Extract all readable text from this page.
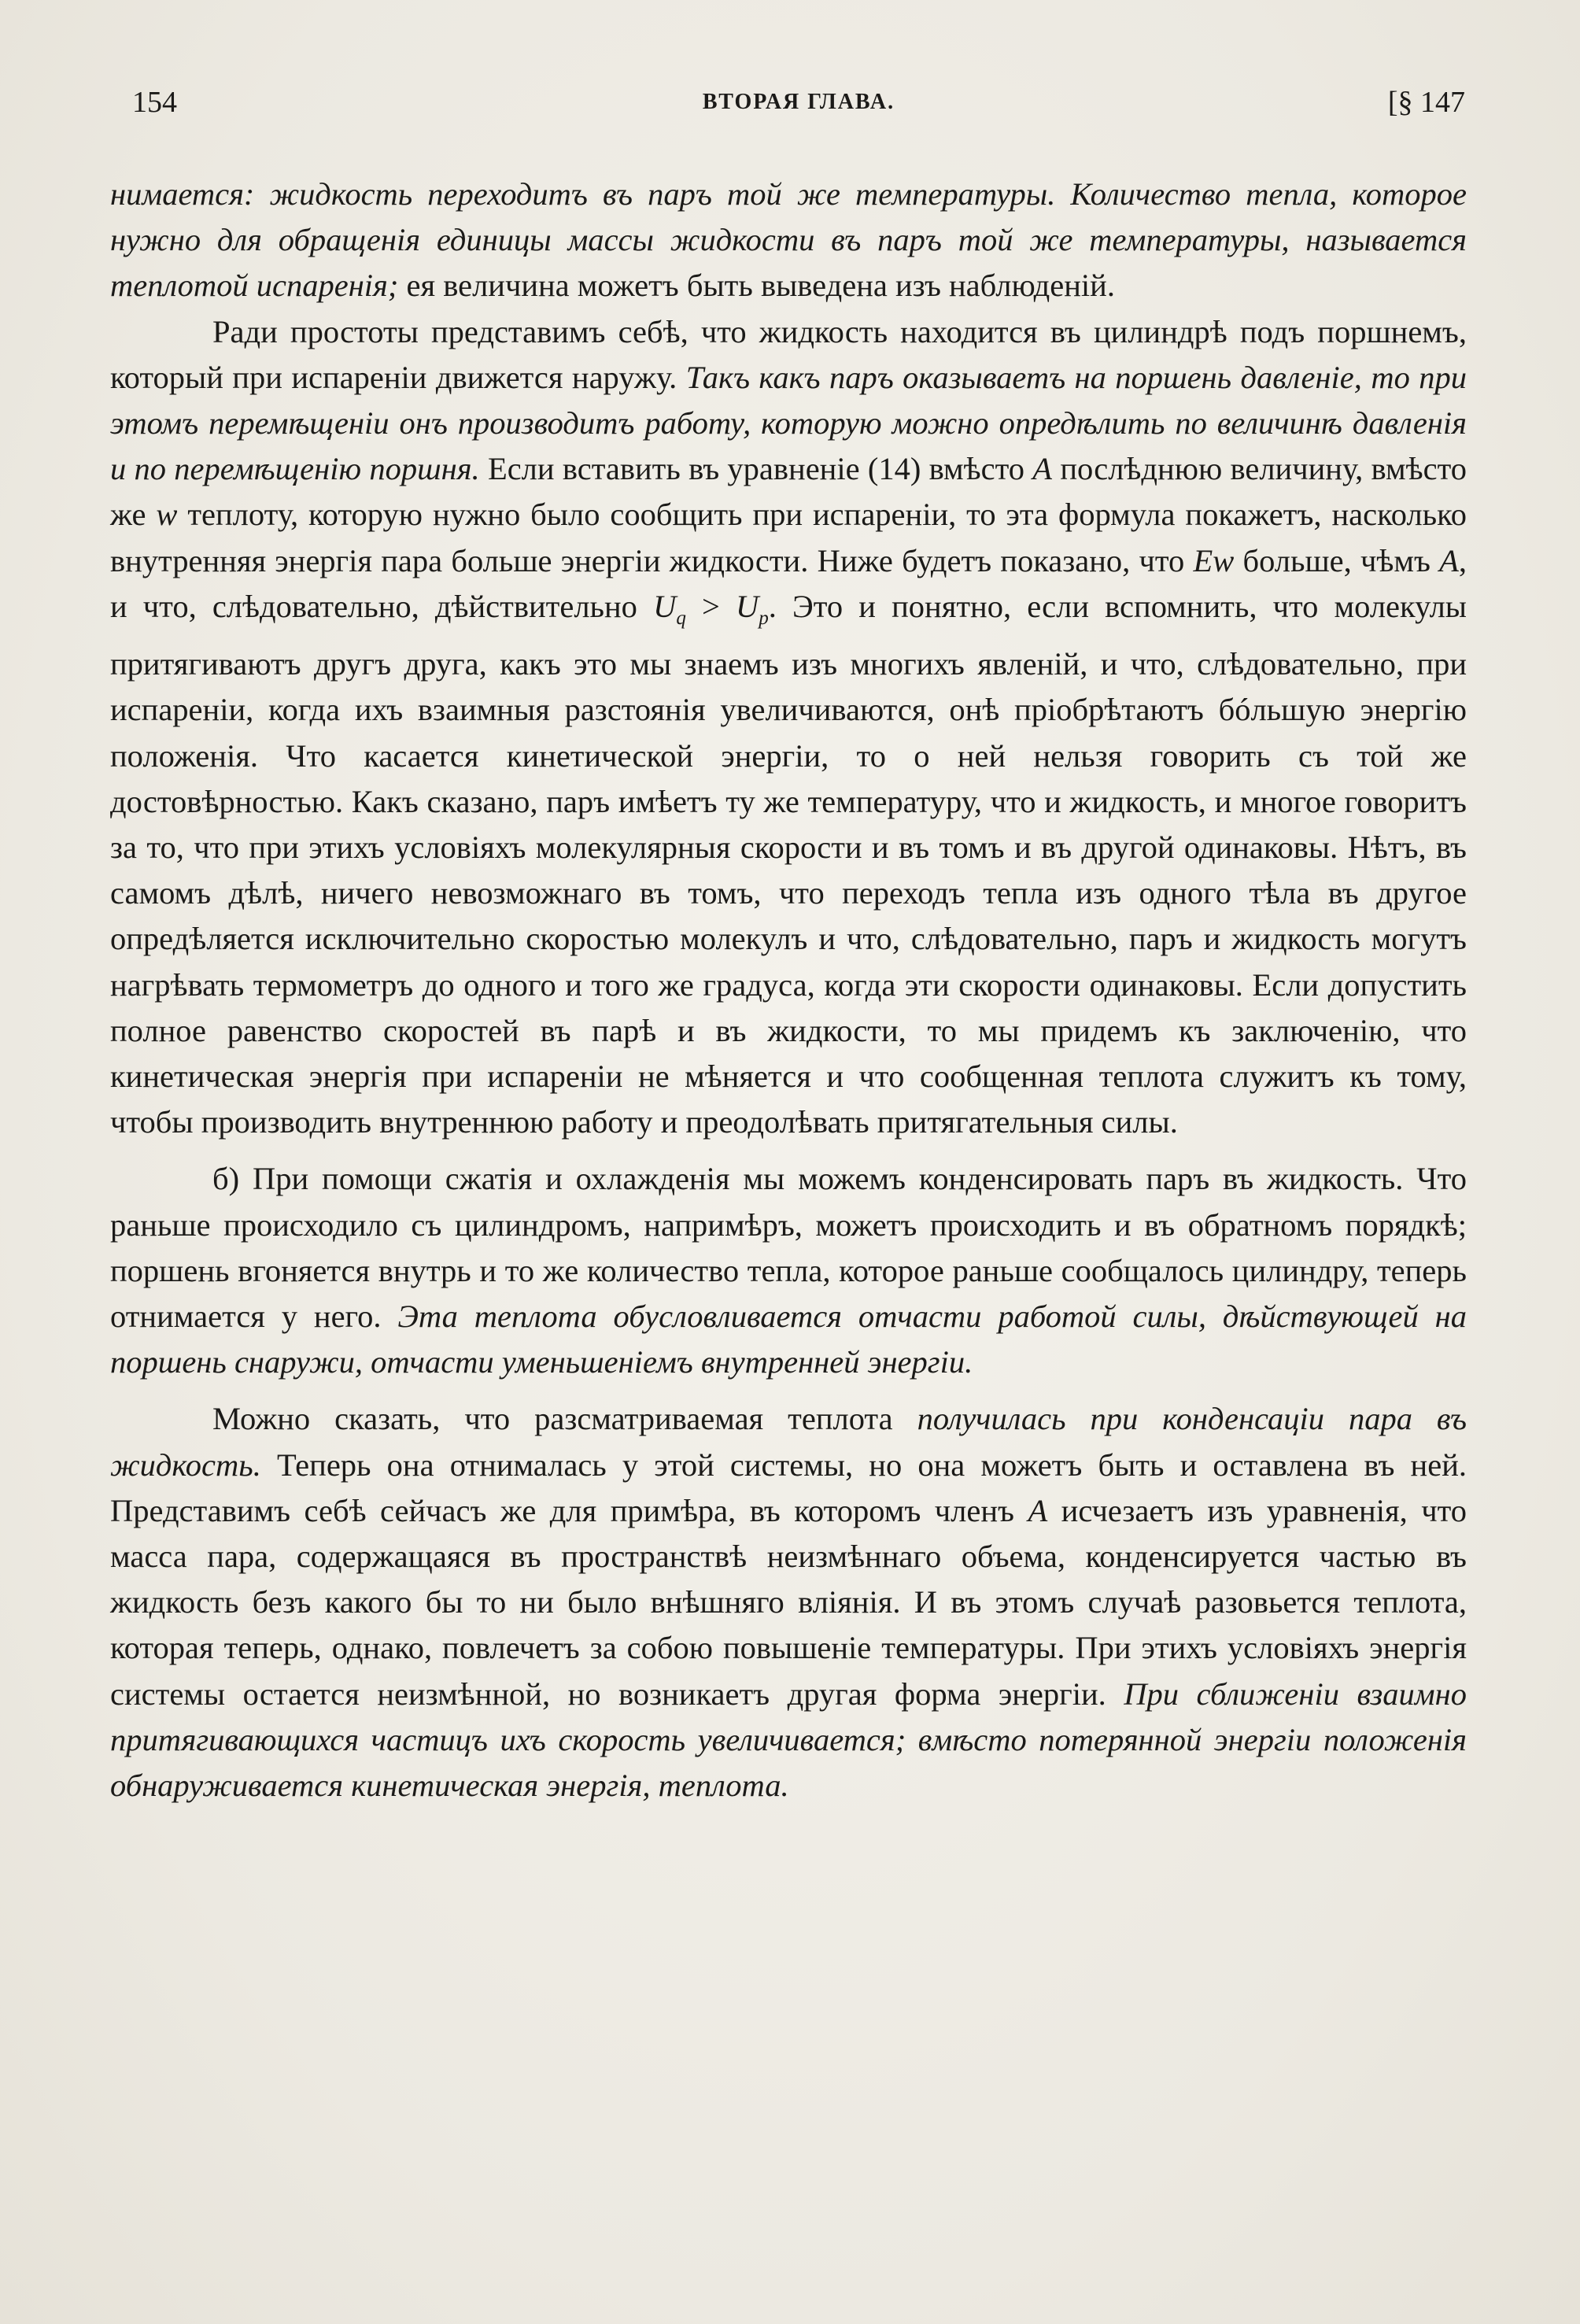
154	ВТОРАЯ ГЛАВА.	[§ 147

нимается: жидкость переходитъ въ паръ той же температуры. Количество тепла, которое нужно для обращенія единицы массы жидкости въ паръ той же температуры, называется теплотой испаренія; ея величина можетъ быть выведена изъ наблюденій.

Ради простоты представимъ себѣ, что жидкость находится въ цилиндрѣ подъ поршнемъ, который при испареніи движется наружу. Такъ какъ паръ оказываетъ на поршень давленіе, то при этомъ перемѣщеніи онъ производитъ работу, которую можно опредѣлить по величинѣ давленія и по перемѣщенію поршня. Если вставить въ уравненіе (14) вмѣсто A послѣднюю величину, вмѣсто же w теплоту, которую нужно было сообщить при испареніи, то эта формула покажетъ, насколько внутренняя энергія пара больше энергіи жидкости. Ниже будетъ показано, что Ew больше, чѣмъ A, и что, слѣдовательно, дѣйствительно $U_q > U_p$. Это и понятно, если вспомнить, что молекулы притягиваютъ другъ друга, какъ это мы знаемъ изъ многихъ явленій, и что, слѣдовательно, при испареніи, когда ихъ взаимныя разстоянія увеличиваются, онѣ пріобрѣтаютъ бóльшую энергію положенія. Что касается кинетической энергіи, то о ней нельзя говорить съ той же достовѣрностью. Какъ сказано, паръ имѣетъ ту же температуру, что и жидкость, и многое говоритъ за то, что при этихъ условіяхъ молекулярныя скорости и въ томъ и въ другой одинаковы. Нѣтъ, въ самомъ дѣлѣ, ничего невозможнаго въ томъ, что переходъ тепла изъ одного тѣла въ другое опредѣляется исключительно скоростью молекулъ и что, слѣдовательно, паръ и жидкость могутъ нагрѣвать термометръ до одного и того же градуса, когда эти скорости одинаковы. Если допустить полное равенство скоростей въ парѣ и въ жидкости, то мы придемъ къ заключенію, что кинетическая энергія при испареніи не мѣняется и что сообщенная теплота служитъ къ тому, чтобы производить внутреннюю работу и преодолѣвать притягательныя силы.

б) При помощи сжатія и охлажденія мы можемъ конденсировать паръ въ жидкость. Что раньше происходило съ цилиндромъ, напримѣръ, можетъ происходить и въ обратномъ порядкѣ; поршень вгоняется внутрь и то же количество тепла, которое раньше сообщалось цилиндру, теперь отнимается у него. Эта теплота обусловливается отчасти работой силы, дѣйствующей на поршень снаружи, отчасти уменьшеніемъ внутренней энергіи.

Можно сказать, что разсматриваемая теплота получилась при конденсаціи пара въ жидкость. Теперь она отнималась у этой системы, но она можетъ быть и оставлена въ ней. Представимъ себѣ сейчасъ же для примѣра, въ которомъ членъ A исчезаетъ изъ уравненія, что масса пара, содержащаяся въ пространствѣ неизмѣннаго объема, конденсируется частью въ жидкость безъ какого бы то ни было внѣшняго вліянія. И въ этомъ случаѣ разовьется теплота, которая теперь, однако, повлечетъ за собою повышеніе температуры. При этихъ условіяхъ энергія системы остается неизмѣнной, но возникаетъ другая форма энергіи. При сближеніи взаимно притягивающихся частицъ ихъ скорость увеличивается; вмѣсто потерянной энергіи положенія обнаруживается кинетическая энергія, теплота.
